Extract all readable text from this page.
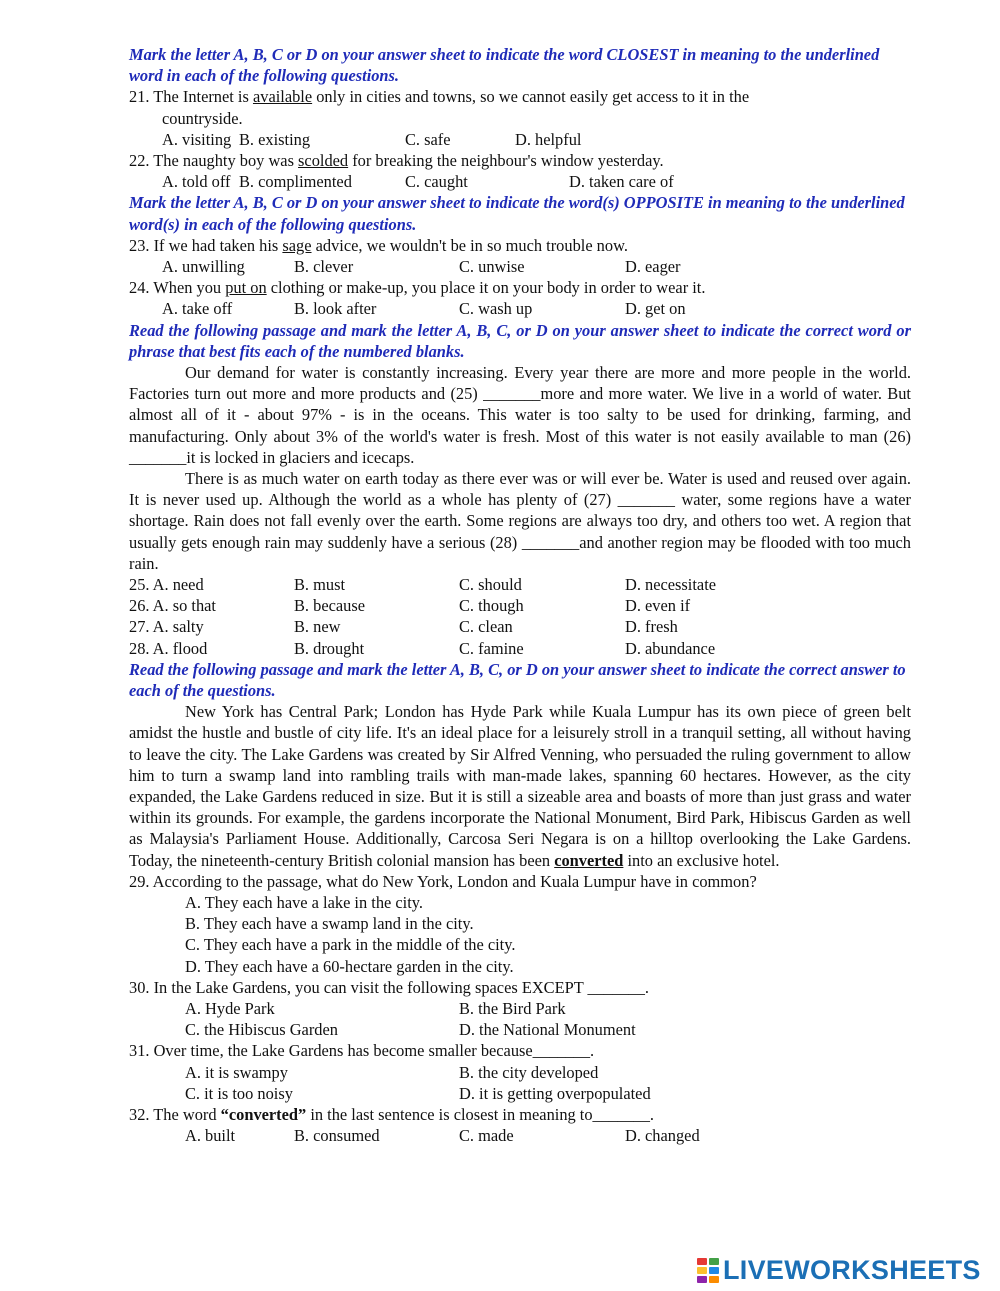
Mark the letter A, B, C or D on your answer sheet to indicate the word CLOSEST in meaning to the underlined word in each of the following questions.

21. The Internet is available only in cities and towns, so we cannot easily get access to it in the

countryside.

A. visiting B. existing	C. safe	D. helpful

22. The naughty boy was scolded for breaking the neighbour's window yesterday.

A. told off B. complimented	C. caught	D. taken care of

Mark the letter A, B, C or D on your answer sheet to indicate the word(s) OPPOSITE in meaning to the underlined word(s) in each of the following questions.

23. If we had taken his sage advice, we wouldn't be in so much trouble now.

A. unwilling	B. clever	C. unwise	D. eager

24. When you put on clothing or make-up, you place it on your body in order to wear it.

A. take off	B. look after	C. wash up	D. get on

Read the following passage and mark the letter A, B, C, or D on your answer sheet to indicate the correct word or phrase that best fits each of the numbered blanks.

Our demand for water is constantly increasing. Every year there are more and more people in the world. Factories turn out more and more products and (25) _______more and more water. We live in a world of water. But almost all of it - about 97% - is in the oceans. This water is too salty to be used for drinking, farming, and manufacturing. Only about 3% of the world's water is fresh. Most of this water is not easily available to man (26) _______it is locked in glaciers and icecaps.

There is as much water on earth today as there ever was or will ever be. Water is used and reused over again. It is never used up. Although the world as a whole has plenty of (27) _______ water, some regions have a water shortage. Rain does not fall evenly over the earth. Some regions are always too dry, and others too wet. A region that usually gets enough rain may suddenly have a serious (28) _______and another region may be flooded with too much rain.

25. A. need	B. must	C. should	D. necessitate
26. A. so that	B. because	C. though	D. even if
27. A. salty	B. new	C. clean	D. fresh
28. A. flood	B. drought	C. famine	D. abundance

Read the following passage and mark the letter A, B, C, or D on your answer sheet to indicate the correct answer to each of the questions.

New York has Central Park; London has Hyde Park while Kuala Lumpur has its own piece of green belt amidst the hustle and bustle of city life. It's an ideal place for a leisurely stroll in a tranquil setting, all without having to leave the city. The Lake Gardens was created by Sir Alfred Venning, who persuaded the ruling government to allow him to turn a swamp land into rambling trails with man-made lakes, spanning 60 hectares. However, as the city expanded, the Lake Gardens reduced in size. But it is still a sizeable area and boasts of more than just grass and water within its grounds. For example, the gardens incorporate the National Monument, Bird Park, Hibiscus Garden as well as Malaysia's Parliament House. Additionally, Carcosa Seri Negara is on a hilltop overlooking the Lake Gardens. Today, the nineteenth-century British colonial mansion has been converted into an exclusive hotel.

29. According to the passage, what do New York, London and Kuala Lumpur have in common?

A. They each have a lake in the city.

B. They each have a swamp land in the city.

C. They each have a park in the middle of the city.

D. They each have a 60-hectare garden in the city.

30. In the Lake Gardens, you can visit the following spaces EXCEPT _______.

A. Hyde Park	B. the Bird Park
C. the Hibiscus Garden	D. the National Monument

31. Over time, the Lake Gardens has become smaller because_______.

A. it is swampy	B. the city developed
C. it is too noisy	D. it is getting overpopulated

32. The word “converted” in the last sentence is closest in meaning to_______.

A. built	B. consumed	C. made	D. changed
LIVEWORKSHEETS
